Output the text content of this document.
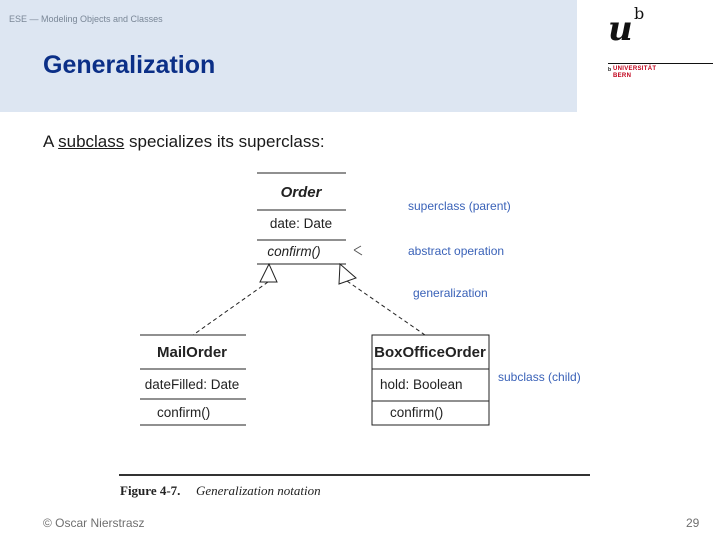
ESE — Modeling Objects and Classes
Generalization
u b
b UNIVERSITÄT
BERN
A subclass specializes its superclass:
Order
date: Date
confirm()
MailOrder
dateFilled: Date
confirm()
BoxOfficeOrder
hold: Boolean
confirm()
superclass (parent)
abstract operation
generalization
subclass (child)
Figure 4-7. Generalization notation
© Oscar Nierstrasz	29
